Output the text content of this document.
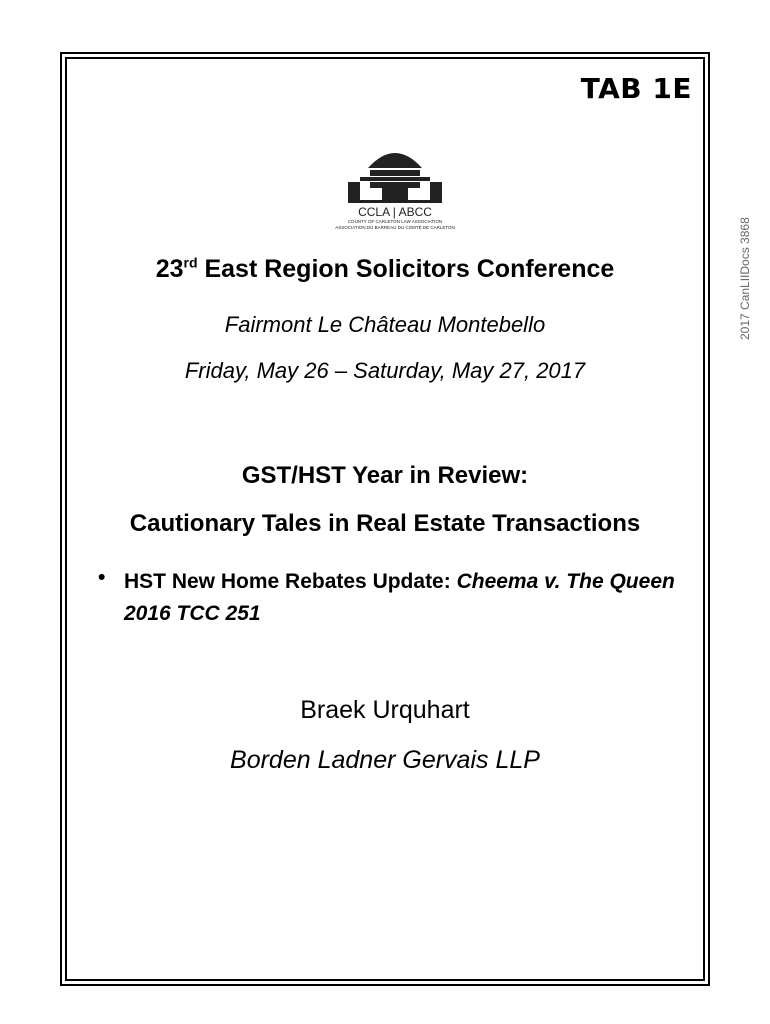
TAB 1E
2017 CanLIIDocs 3868
CCLA | ABCC
COUNTY OF CARLETON LAW ASSOCIATION
ASSOCIATION DU BARREAU DU COMTÉ DE CARLETON
23rd East Region Solicitors Conference
Fairmont Le Château Montebello
Friday, May 26 – Saturday, May 27, 2017
GST/HST Year in Review:
Cautionary Tales in Real Estate Transactions
• HST New Home Rebates Update: Cheema v. The Queen 2016 TCC 251
Braek Urquhart
Borden Ladner Gervais LLP
